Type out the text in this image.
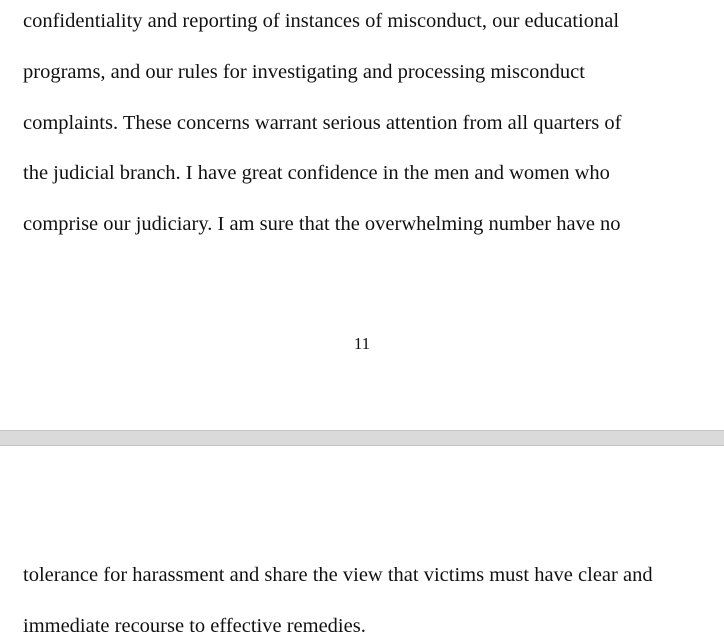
confidentiality and reporting of instances of misconduct, our educational
programs, and our rules for investigating and processing misconduct
complaints. These concerns warrant serious attention from all quarters of
the judicial branch. I have great confidence in the men and women who
comprise our judiciary. I am sure that the overwhelming number have no
11
tolerance for harassment and share the view that victims must have clear and
immediate recourse to effective remedies.
